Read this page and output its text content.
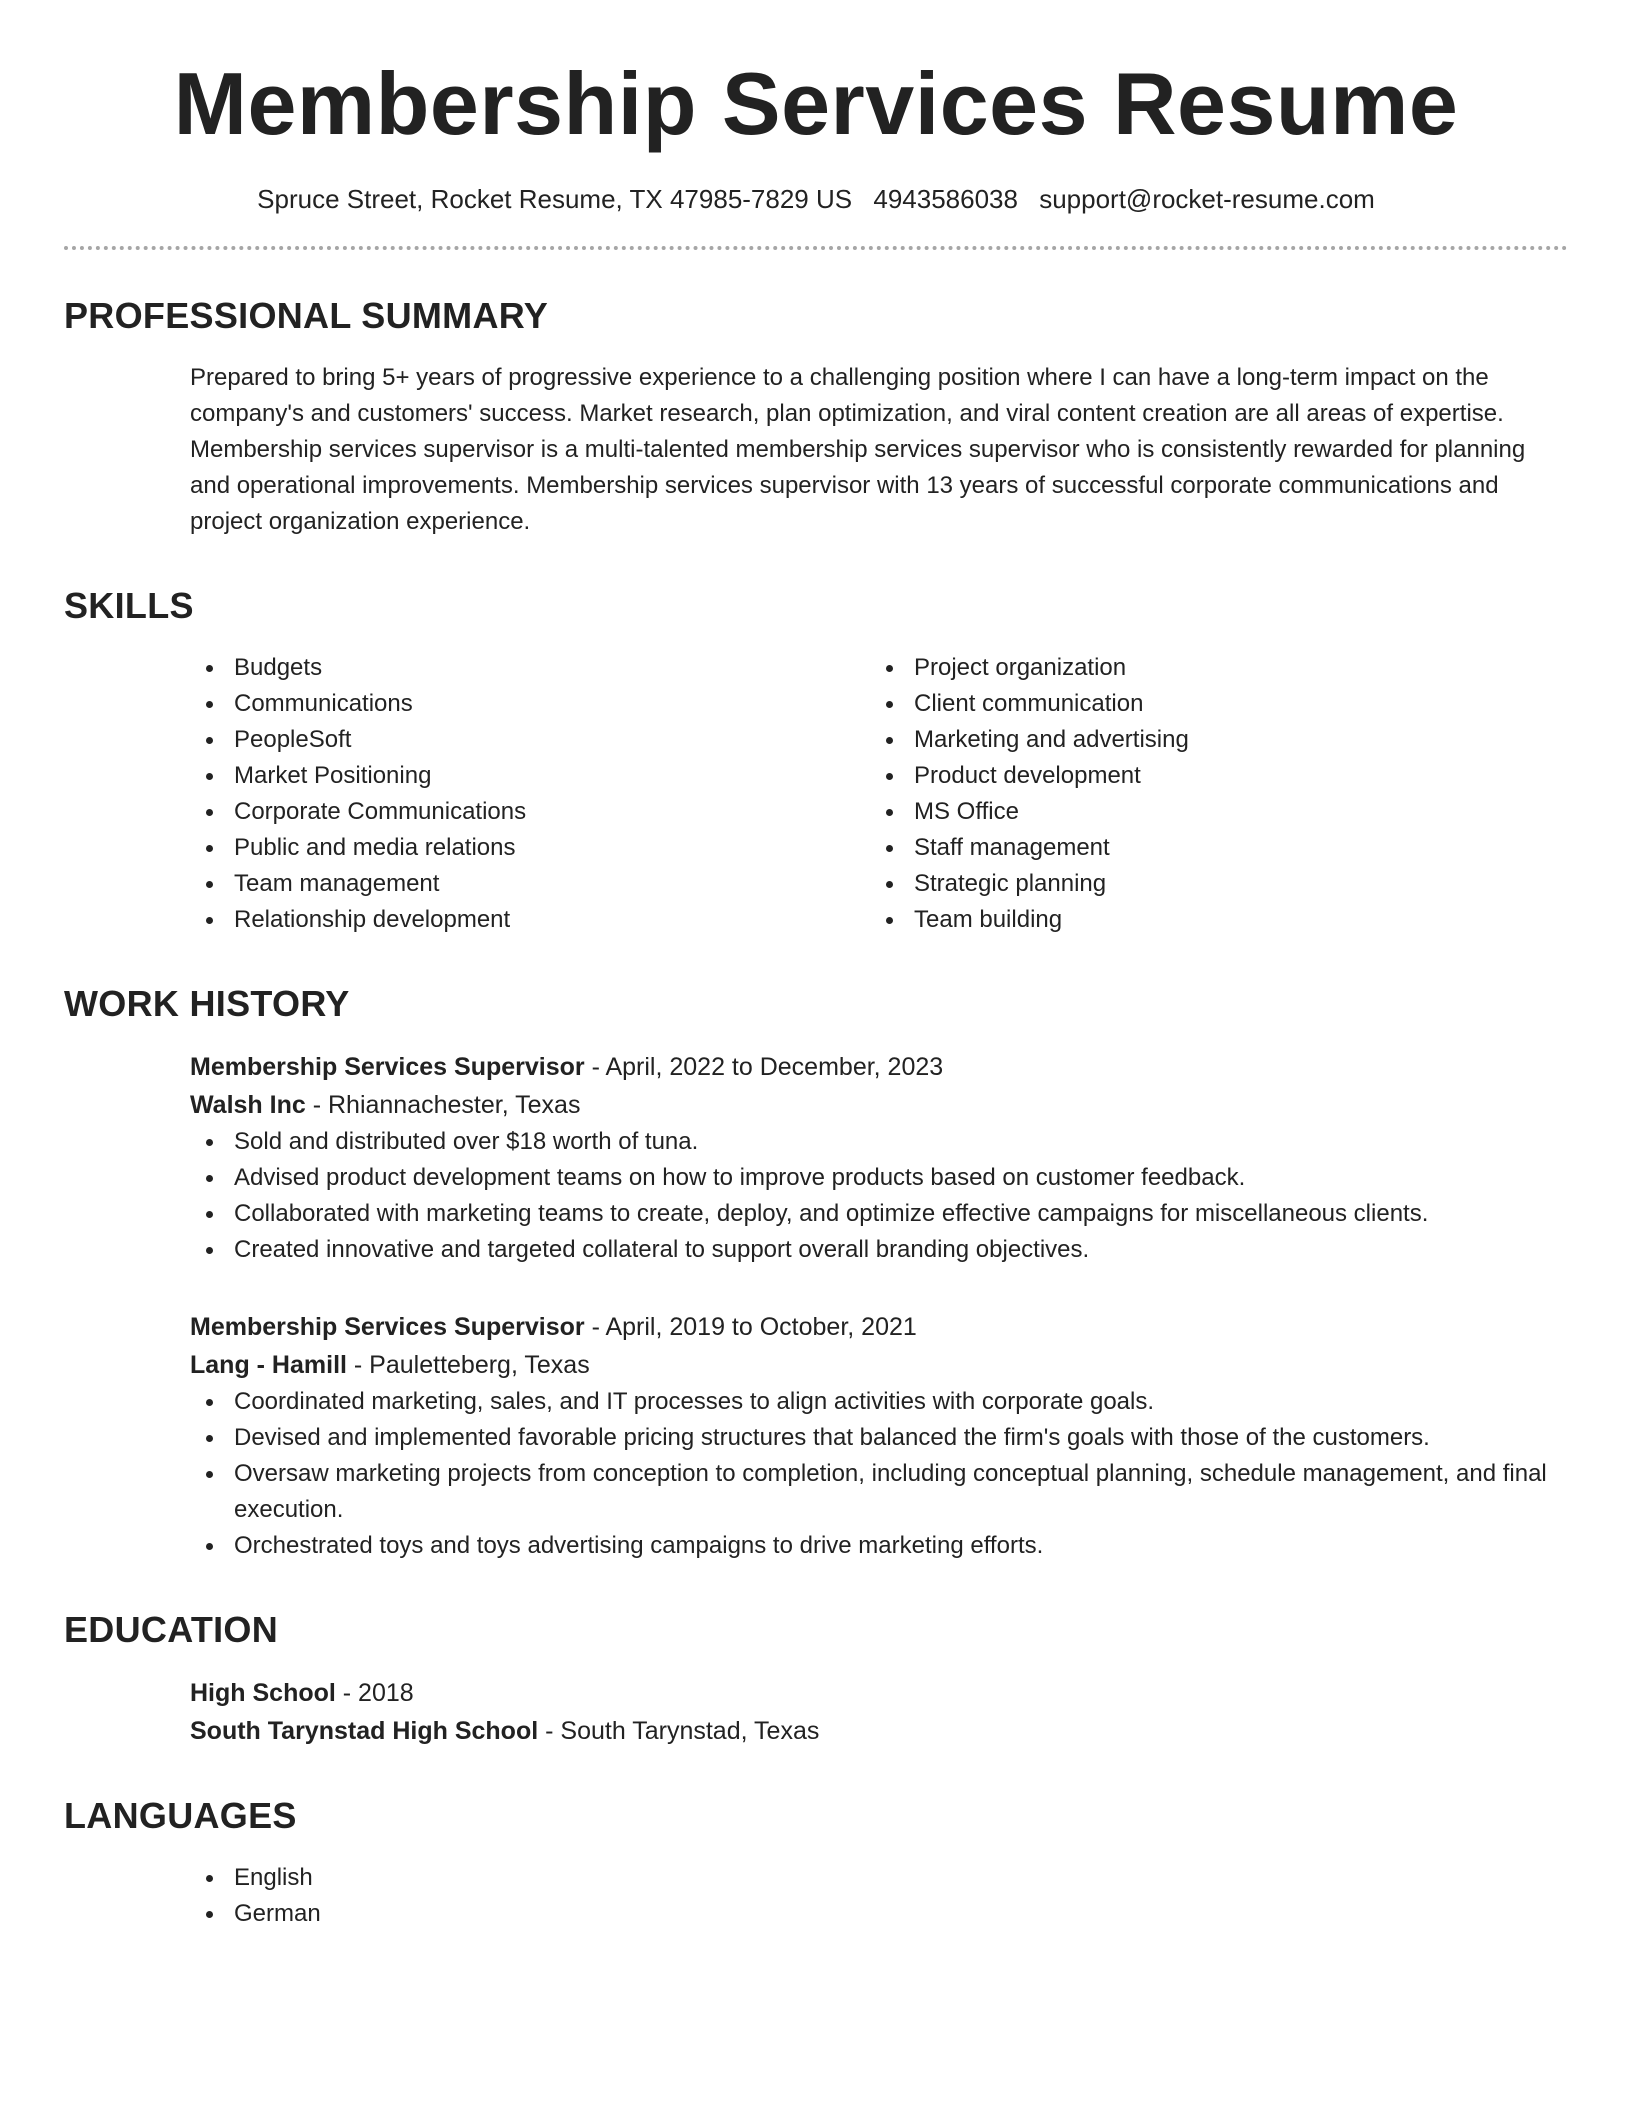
Membership Services Resume
Spruce Street, Rocket Resume, TX 47985-7829 US 4943586038 support@rocket-resume.com
PROFESSIONAL SUMMARY

Prepared to bring 5+ years of progressive experience to a challenging position where I can have a long-term impact on the company's and customers' success. Market research, plan optimization, and viral content creation are all areas of expertise. Membership services supervisor is a multi-talented membership services supervisor who is consistently rewarded for planning and operational improvements. Membership services supervisor with 13 years of successful corporate communications and project organization experience.

SKILLS
Budgets
Communications
PeopleSoft
Market Positioning
Corporate Communications
Public and media relations
Team management
Relationship development
Project organization
Client communication
Marketing and advertising
Product development
MS Office
Staff management
Strategic planning
Team building
WORK HISTORY
Membership Services Supervisor - April, 2022 to December, 2023
Walsh Inc - Rhiannachester, Texas
Sold and distributed over $18 worth of tuna.
Advised product development teams on how to improve products based on customer feedback.
Collaborated with marketing teams to create, deploy, and optimize effective campaigns for miscellaneous clients.
Created innovative and targeted collateral to support overall branding objectives.
Membership Services Supervisor - April, 2019 to October, 2021
Lang - Hamill - Pauletteberg, Texas
Coordinated marketing, sales, and IT processes to align activities with corporate goals.
Devised and implemented favorable pricing structures that balanced the firm's goals with those of the customers.
Oversaw marketing projects from conception to completion, including conceptual planning, schedule management, and final execution.
Orchestrated toys and toys advertising campaigns to drive marketing efforts.
EDUCATION
High School - 2018
South Tarynstad High School - South Tarynstad, Texas
LANGUAGES
English
German
